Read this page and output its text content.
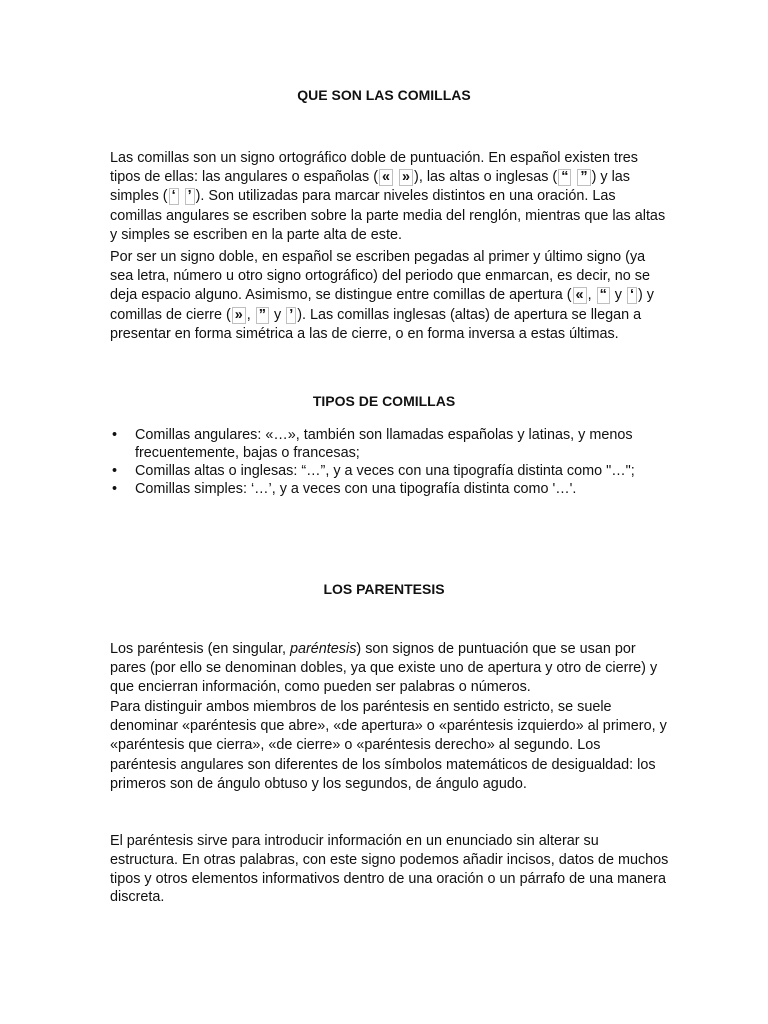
QUE SON LAS COMILLAS

Las comillas son un signo ortográfico doble de puntuación. En español existen tres tipos de ellas: las angulares o españolas ( « » ), las altas o inglesas ( “ ” ) y las simples ( ‘ ’ ). Son utilizadas para marcar niveles distintos en una oración. Las comillas angulares se escriben sobre la parte media del renglón, mientras que las altas y simples se escriben en la parte alta de este.

Por ser un signo doble, en español se escriben pegadas al primer y último signo (ya sea letra, número u otro signo ortográfico) del periodo que enmarcan, es decir, no se deja espacio alguno. Asimismo, se distingue entre comillas de apertura ( « , “ y ‘ ) y comillas de cierre ( » , ” y ’ ). Las comillas inglesas (altas) de apertura se llegan a presentar en forma simétrica a las de cierre, o en forma inversa a estas últimas.

TIPOS DE COMILLAS
• Comillas angulares: «…», también son llamadas españolas y latinas, y menos frecuentemente, bajas o francesas;
• Comillas altas o inglesas: “…”, y a veces con una tipografía distinta como "…";
• Comillas simples: ‘…’, y a veces con una tipografía distinta como '…'.
LOS PARENTESIS

Los paréntesis (en singular, paréntesis) son signos de puntuación que se usan por pares (por ello se denominan dobles, ya que existe uno de apertura y otro de cierre) y que encierran información, como pueden ser palabras o números.

Para distinguir ambos miembros de los paréntesis en sentido estricto, se suele denominar «paréntesis que abre», «de apertura» o «paréntesis izquierdo» al primero, y «paréntesis que cierra», «de cierre» o «paréntesis derecho» al segundo. Los paréntesis angulares son diferentes de los símbolos matemáticos de desigualdad: los primeros son de ángulo obtuso y los segundos, de ángulo agudo.

El paréntesis sirve para introducir información en un enunciado sin alterar su estructura. En otras palabras, con este signo podemos añadir incisos, datos de muchos tipos y otros elementos informativos dentro de una oración o un párrafo de una manera discreta.
